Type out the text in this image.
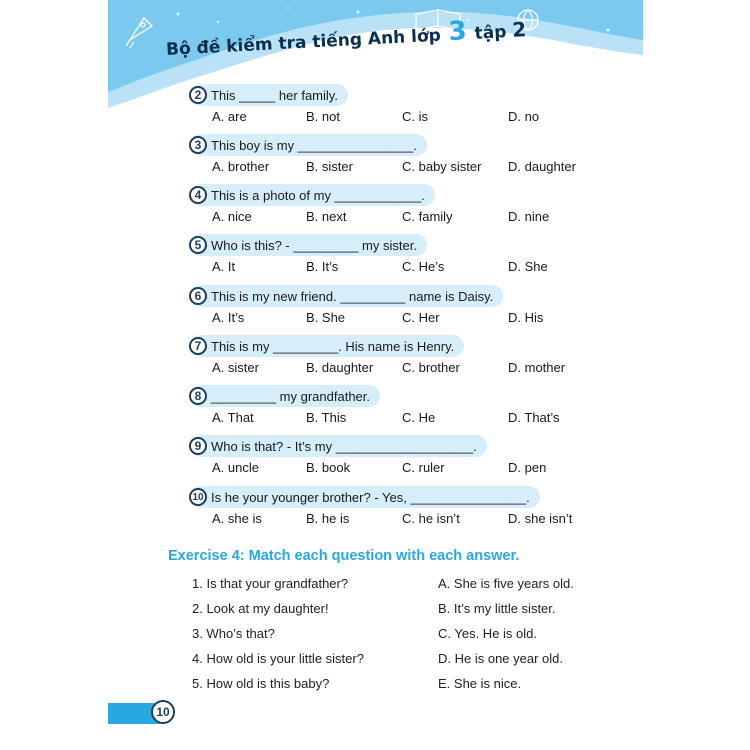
Bộ đề kiểm tra tiếng Anh lớp 3 tập 2
2 This _____ her family.
A. are	B. not	C. is	D. no
3 This boy is my ________________.
A. brother	B. sister	C. baby sister D. daughter
4 This is a photo of my ____________.
A. nice	B. next	C. family	D. nine
5 Who is this? - _________ my sister.
A. It	B. It’s	C. He’s	D. She
6 This is my new friend. _________ name is Daisy.
A. It’s	B. She	C. Her	D. His
7 This is my _________. His name is Henry.
A. sister	B. daughter C. brother	D. mother
8 _________ my grandfather.
A. That	B. This	C. He	D. That’s
9 Who is that? - It’s my ___________________.
A. uncle	B. book	C. ruler	D. pen
10 Is he your younger brother? - Yes, ________________.
A. she is	B. he is	C. he isn’t	D. she isn’t
Exercise 4: Match each question with each answer.
1. Is that your grandfather?
2. Look at my daughter!
3. Who’s that?
4. How old is your little sister?
5. How old is this baby?
A. She is five years old.
B. It’s my little sister.
C. Yes. He is old.
D. He is one year old.
E. She is nice.
10
